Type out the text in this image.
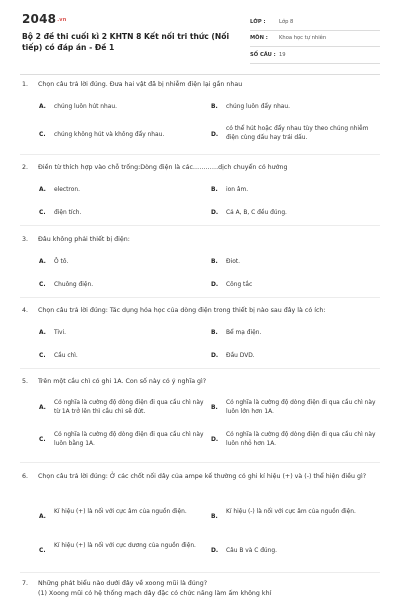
$2048^{.vn}$
Bộ 2 đề thi cuối kì 2 KHTN 8 Kết nối tri thức (Nối tiếp) có đáp án - Đề 1
LỚP :	Lớp 8
MÔN :	Khoa học tự nhiên
SỐ CÂU : 19
1. Chọn câu trả lời đúng. Đưa hai vật đã bị nhiễm điện lại gần nhau
A. chúng luôn hút nhau.	B. chúng luôn đẩy nhau.
C. chúng không hút và không đẩy nhau.	D.
có thể hút hoặc đẩy nhau tùy theo chúng nhiễm điện cùng dấu hay trái dấu.
2. Điền từ thích hợp vào chỗ trống:Dòng điện là các…………dịch chuyển có hướng
A. electron.	B. ion âm.
C. điện tích.	D. Cả A, B, C đều đúng.
3. Đâu không phải thiết bị điện:
A. Ô tô.	B. Điot.
C. Chuông điện.	D. Công tắc
4. Chọn câu trả lời đúng: Tác dụng hóa học của dòng điện trong thiết bị nào sau đây là có ích:
A. Tivi.	B. Bể mạ điện.
C. Cầu chì.	D. Đầu DVD.
5. Trên một cầu chì có ghi 1A. Con số này có ý nghĩa gì?
A.
Có nghĩa là cường độ dòng điện đi qua cầu chì này từ 1A trở lên thì cầu chì sẽ đứt.
B.
Có nghĩa là cường độ dòng điện đi qua cầu chì này luôn lớn hơn 1A.
C.
Có nghĩa là cường độ dòng điện đi qua cầu chì này luôn bằng 1A.
D.
Có nghĩa là cường độ dòng điện đi qua cầu chì này luôn nhỏ hơn 1A.
6. Chọn câu trả lời đúng: Ở các chốt nối dây của ampe kế thường có ghi kí hiệu (+) và (-) thể hiện điều gì?
A.
Kí hiệu (+) là nối với cực âm của nguồn điện.
B.
Kí hiệu (-) là nối với cực âm của nguồn điện.
C.
Kí hiệu (+) là nối với cực dương của nguồn điện.
D. Câu B và C đúng.
7. Những phát biểu nào dưới đây về xoong mũi là đúng?
(1) Xoong mũi có hệ thống mạch dây đặc có chức năng làm ấm không khí
